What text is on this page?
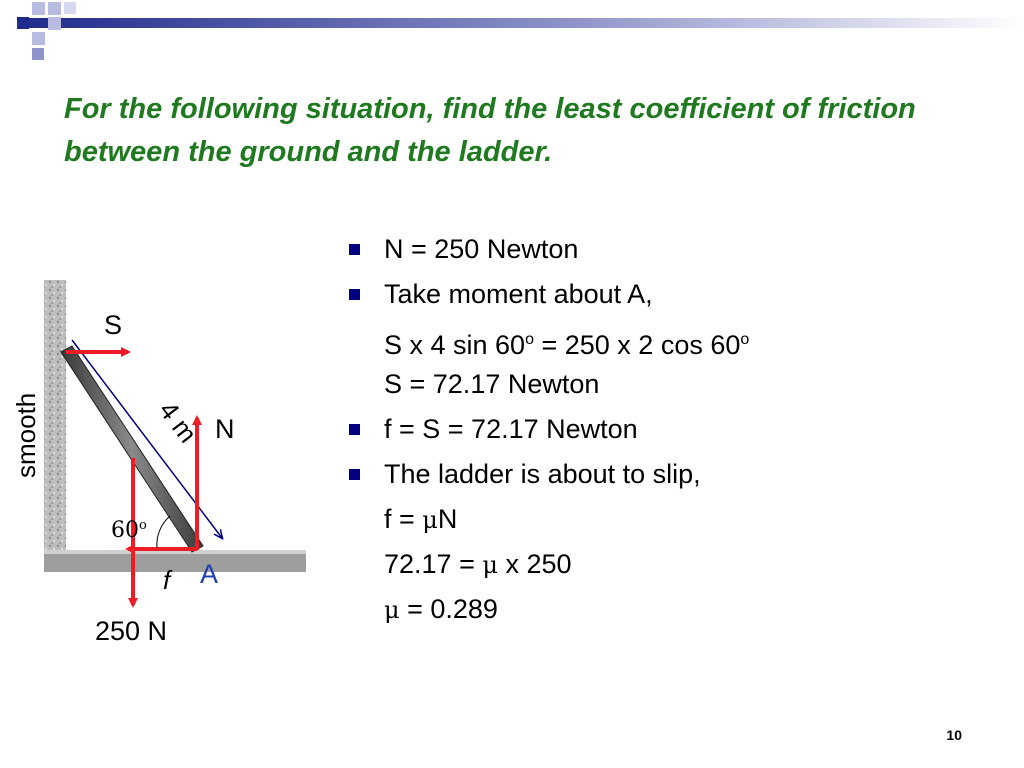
For the following situation, find the least coefficient of friction between the ground and the ladder.
smooth
S
4 m N
60$^o$
f A
250 N
N = 250 Newton
Take moment about A,
S x 4 $\sin 60^o = 250$ x 2 cos 60$^o$
S = 72.17 Newton
f = S = 72.17 Newton
The ladder is about to slip,
f = μN
72.17 = μ x 250
μ = 0.289
10
